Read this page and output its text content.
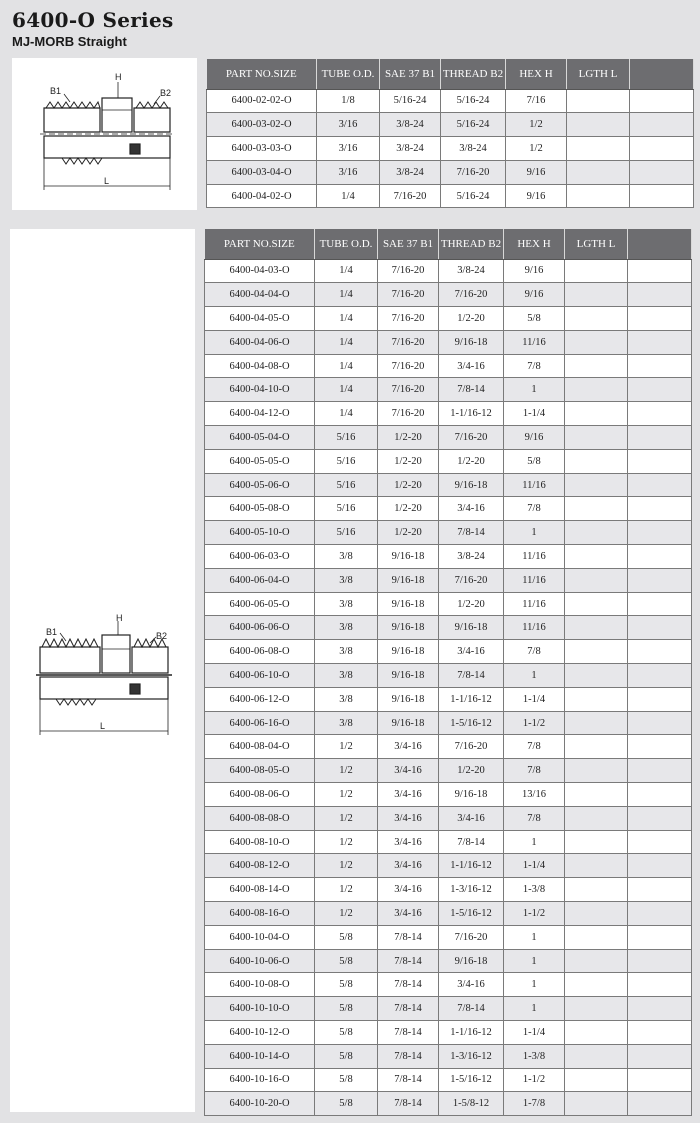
6400-O Series
MJ-MORB Straight
H
B1	B2
L
PART NO.SIZE	TUBE O.D.	SAE 37 B1	THREAD B2	HEX H	LGTH L	
6400-02-02-O	1/8	5/16-24	5/16-24	7/16		
6400-03-02-O	3/16	3/8-24	5/16-24	1/2		
6400-03-03-O	3/16	3/8-24	3/8-24	1/2		
6400-03-04-O	3/16	3/8-24	7/16-20	9/16		
6400-04-02-O	1/4	7/16-20	5/16-24	9/16		
H
B1	B2
L
PART NO.SIZE	TUBE O.D.	SAE 37 B1	THREAD B2	HEX H	LGTH L	
6400-04-03-O	1/4	7/16-20	3/8-24	9/16		
6400-04-04-O	1/4	7/16-20	7/16-20	9/16		
6400-04-05-O	1/4	7/16-20	1/2-20	5/8		
6400-04-06-O	1/4	7/16-20	9/16-18	11/16		
6400-04-08-O	1/4	7/16-20	3/4-16	7/8		
6400-04-10-O	1/4	7/16-20	7/8-14	1		
6400-04-12-O	1/4	7/16-20	1-1/16-12	1-1/4		
6400-05-04-O	5/16	1/2-20	7/16-20	9/16		
6400-05-05-O	5/16	1/2-20	1/2-20	5/8		
6400-05-06-O	5/16	1/2-20	9/16-18	11/16		
6400-05-08-O	5/16	1/2-20	3/4-16	7/8		
6400-05-10-O	5/16	1/2-20	7/8-14	1		
6400-06-03-O	3/8	9/16-18	3/8-24	11/16		
6400-06-04-O	3/8	9/16-18	7/16-20	11/16		
6400-06-05-O	3/8	9/16-18	1/2-20	11/16		
6400-06-06-O	3/8	9/16-18	9/16-18	11/16		
6400-06-08-O	3/8	9/16-18	3/4-16	7/8		
6400-06-10-O	3/8	9/16-18	7/8-14	1		
6400-06-12-O	3/8	9/16-18	1-1/16-12	1-1/4		
6400-06-16-O	3/8	9/16-18	1-5/16-12	1-1/2		
6400-08-04-O	1/2	3/4-16	7/16-20	7/8		
6400-08-05-O	1/2	3/4-16	1/2-20	7/8		
6400-08-06-O	1/2	3/4-16	9/16-18	13/16		
6400-08-08-O	1/2	3/4-16	3/4-16	7/8		
6400-08-10-O	1/2	3/4-16	7/8-14	1		
6400-08-12-O	1/2	3/4-16	1-1/16-12	1-1/4		
6400-08-14-O	1/2	3/4-16	1-3/16-12	1-3/8		
6400-08-16-O	1/2	3/4-16	1-5/16-12	1-1/2		
6400-10-04-O	5/8	7/8-14	7/16-20	1		
6400-10-06-O	5/8	7/8-14	9/16-18	1		
6400-10-08-O	5/8	7/8-14	3/4-16	1		
6400-10-10-O	5/8	7/8-14	7/8-14	1		
6400-10-12-O	5/8	7/8-14	1-1/16-12	1-1/4		
6400-10-14-O	5/8	7/8-14	1-3/16-12	1-3/8		
6400-10-16-O	5/8	7/8-14	1-5/16-12	1-1/2		
6400-10-20-O	5/8	7/8-14	1-5/8-12	1-7/8		
